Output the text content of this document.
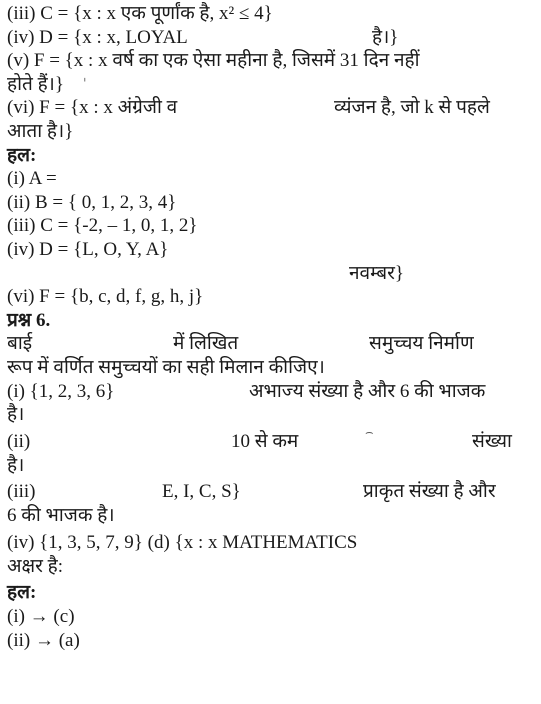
(iii) C = {x : x एक पूर्णांक है, x² ≤ 4}
(iv) D = {x : x, LOYAL	है।}
(v) F = {x : x वर्ष का एक ऐसा महीना है, जिसमें 31 दिन नहीं
होते हैं।} ˈ
(vi) F = {x : x अंग्रेजी व	व्यंजन है, जो k से पहले
आता है।}
हल:
(i) A =
(ii) B = { 0, 1, 2, 3, 4}
(iii) C = {-2, – 1, 0, 1, 2}
(iv) D = {L, O, Y, A}
नवम्बर}
(vi) F = {b, c, d, f, g, h, j}
प्रश्न 6.
बाई	में लिखित	समुच्चय निर्माण
रूप में वर्णित समुच्चयों का सही मिलान कीजिए।
(i) {1, 2, 3, 6}	अभाज्य संख्या है और 6 की भाजक
है।
(ii)	10 से कम	⌢	संख्या
है।
(iii)	E, I, C, S}	प्राकृत संख्या है और
6 की भाजक है।
(iv) {1, 3, 5, 7, 9} (d) {x : x MATHEMATICS
अक्षर है:
हल:
(i) → (c)
(ii) → (a)
